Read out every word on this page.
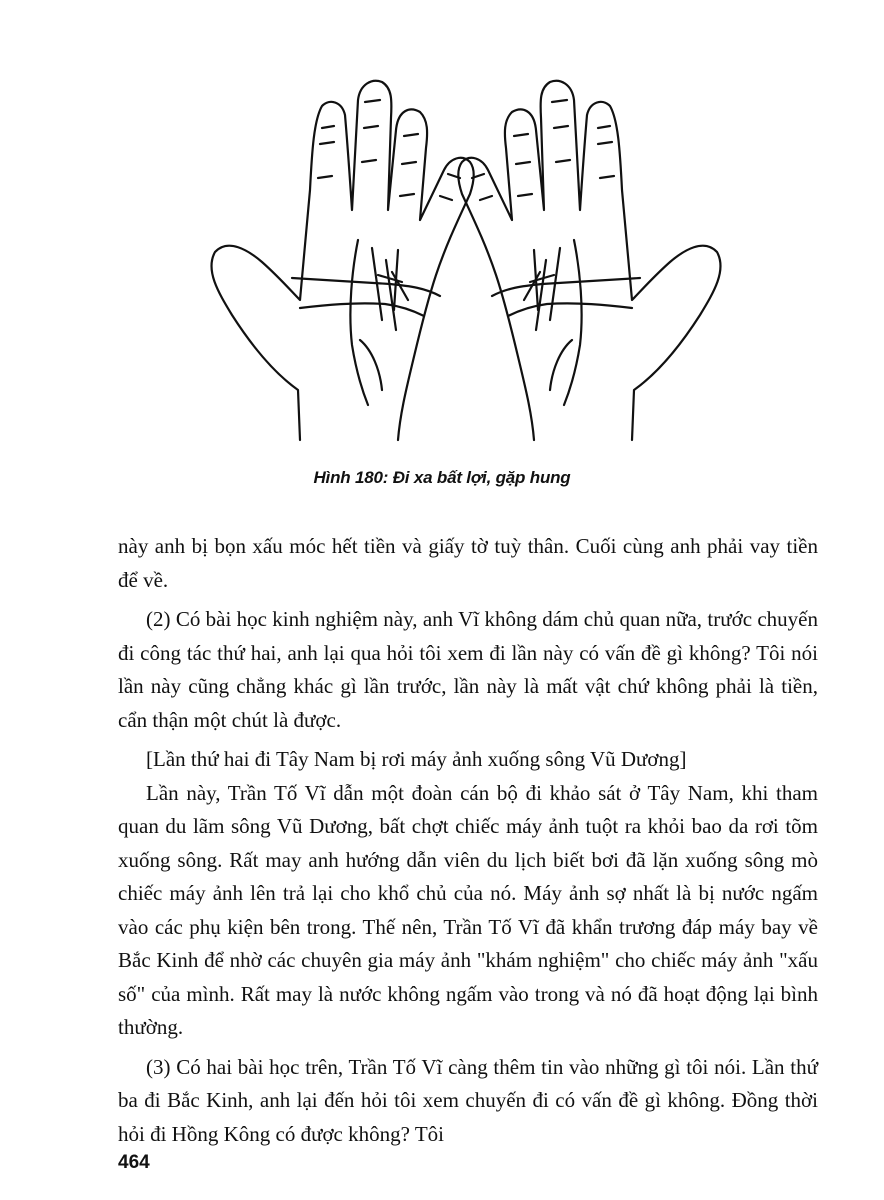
Hình 180: Đi xa bất lợi, gặp hung

này anh bị bọn xấu móc hết tiền và giấy tờ tuỳ thân. Cuối cùng anh phải vay tiền để về.

(2) Có bài học kinh nghiệm này, anh Vĩ không dám chủ quan nữa, trước chuyến đi công tác thứ hai, anh lại qua hỏi tôi xem đi lần này có vấn đề gì không? Tôi nói lần này cũng chẳng khác gì lần trước, lần này là mất vật chứ không phải là tiền, cẩn thận một chút là được.

[Lần thứ hai đi Tây Nam bị rơi máy ảnh xuống sông Vũ Dương]

Lần này, Trần Tố Vĩ dẫn một đoàn cán bộ đi khảo sát ở Tây Nam, khi tham quan du lãm sông Vũ Dương, bất chợt chiếc máy ảnh tuột ra khỏi bao da rơi tõm xuống sông. Rất may anh hướng dẫn viên du lịch biết bơi đã lặn xuống sông mò chiếc máy ảnh lên trả lại cho khổ chủ của nó. Máy ảnh sợ nhất là bị nước ngấm vào các phụ kiện bên trong. Thế nên, Trần Tố Vĩ đã khẩn trương đáp máy bay về Bắc Kinh để nhờ các chuyên gia máy ảnh "khám nghiệm" cho chiếc máy ảnh "xấu số" của mình. Rất may là nước không ngấm vào trong và nó đã hoạt động lại bình thường.

(3) Có hai bài học trên, Trần Tố Vĩ càng thêm tin vào những gì tôi nói. Lần thứ ba đi Bắc Kinh, anh lại đến hỏi tôi xem chuyến đi có vấn đề gì không. Đồng thời hỏi đi Hồng Kông có được không? Tôi

464
